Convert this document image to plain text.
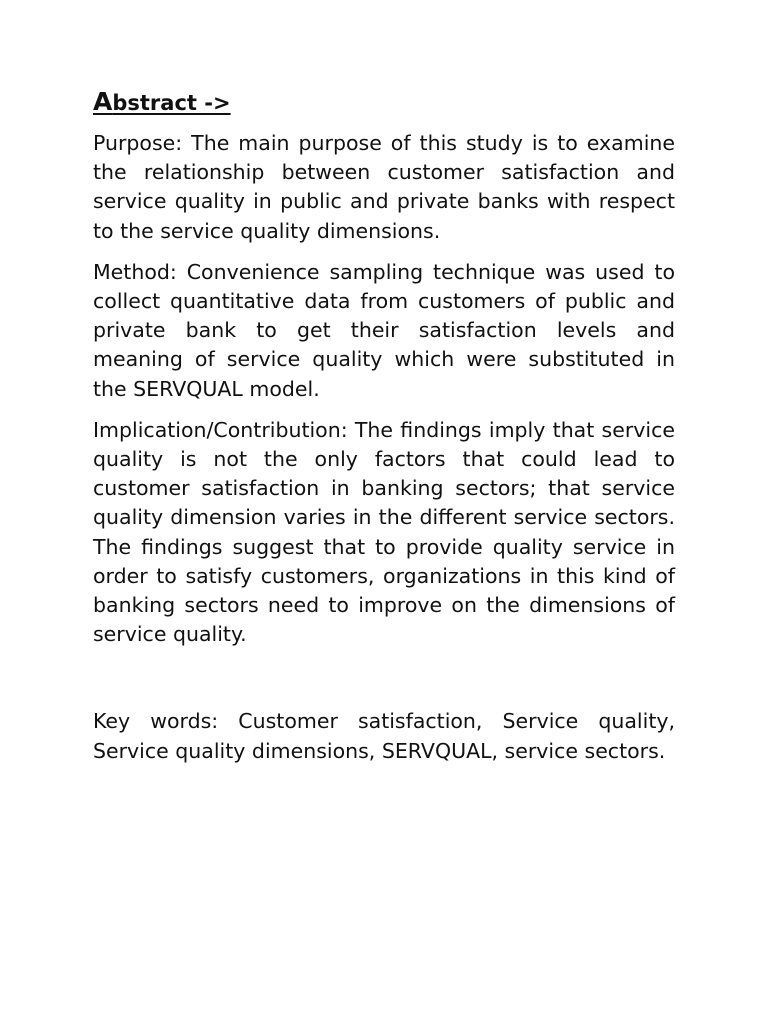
Abstract ->

Purpose: The main purpose of this study is to examine the relationship between customer satisfaction and service quality in public and private banks with respect to the service quality dimensions.

Method: Convenience sampling technique was used to collect quantitative data from customers of public and private bank to get their satisfaction levels and meaning of service quality which were substituted in the SERVQUAL model.

Implication/Contribution: The findings imply that service quality is not the only factors that could lead to customer satisfaction in banking sectors; that service quality dimension varies in the different service sectors. The findings suggest that to provide quality service in order to satisfy customers, organizations in this kind of banking sectors need to improve on the dimensions of service quality.

Key words: Customer satisfaction, Service quality, Service quality dimensions, SERVQUAL, service sectors.
